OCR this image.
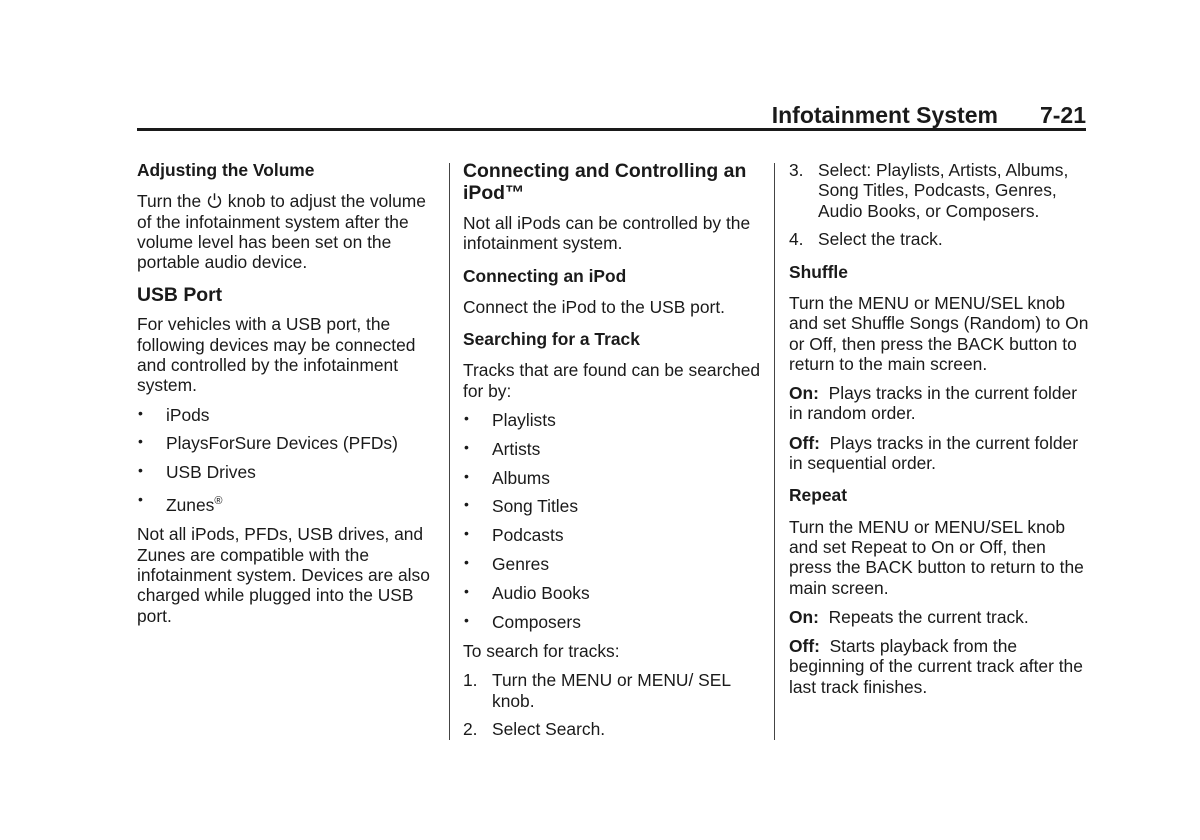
Infotainment System 7-21
Adjusting the Volume

Turn the  knob to adjust the volume of the infotainment system after the volume level has been set on the portable audio device.

USB Port

For vehicles with a USB port, the following devices may be connected and controlled by the infotainment system.

• iPods
• PlaysForSure Devices (PFDs)
• USB Drives
• Zunes®

Not all iPods, PFDs, USB drives, and Zunes are compatible with the infotainment system. Devices are also charged while plugged into the USB port.

Connecting and Controlling an iPod™

Not all iPods can be controlled by the infotainment system.

Connecting an iPod

Connect the iPod to the USB port.

Searching for a Track

Tracks that are found can be searched for by:

• Playlists
• Artists
• Albums
• Song Titles
• Podcasts
• Genres
• Audio Books
• Composers

To search for tracks:

1. Turn the MENU or MENU/ SEL knob.
2. Select Search.
3. Select: Playlists, Artists, Albums, Song Titles, Podcasts, Genres, Audio Books, or Composers.
4. Select the track.
Shuffle

Turn the MENU or MENU/SEL knob and set Shuffle Songs (Random) to On or Off, then press the BACK button to return to the main screen.

On: Plays tracks in the current folder in random order.

Off: Plays tracks in the current folder in sequential order.

Repeat

Turn the MENU or MENU/SEL knob and set Repeat to On or Off, then press the BACK button to return to the main screen.

On: Repeats the current track.

Off: Starts playback from the beginning of the current track after the last track finishes.
